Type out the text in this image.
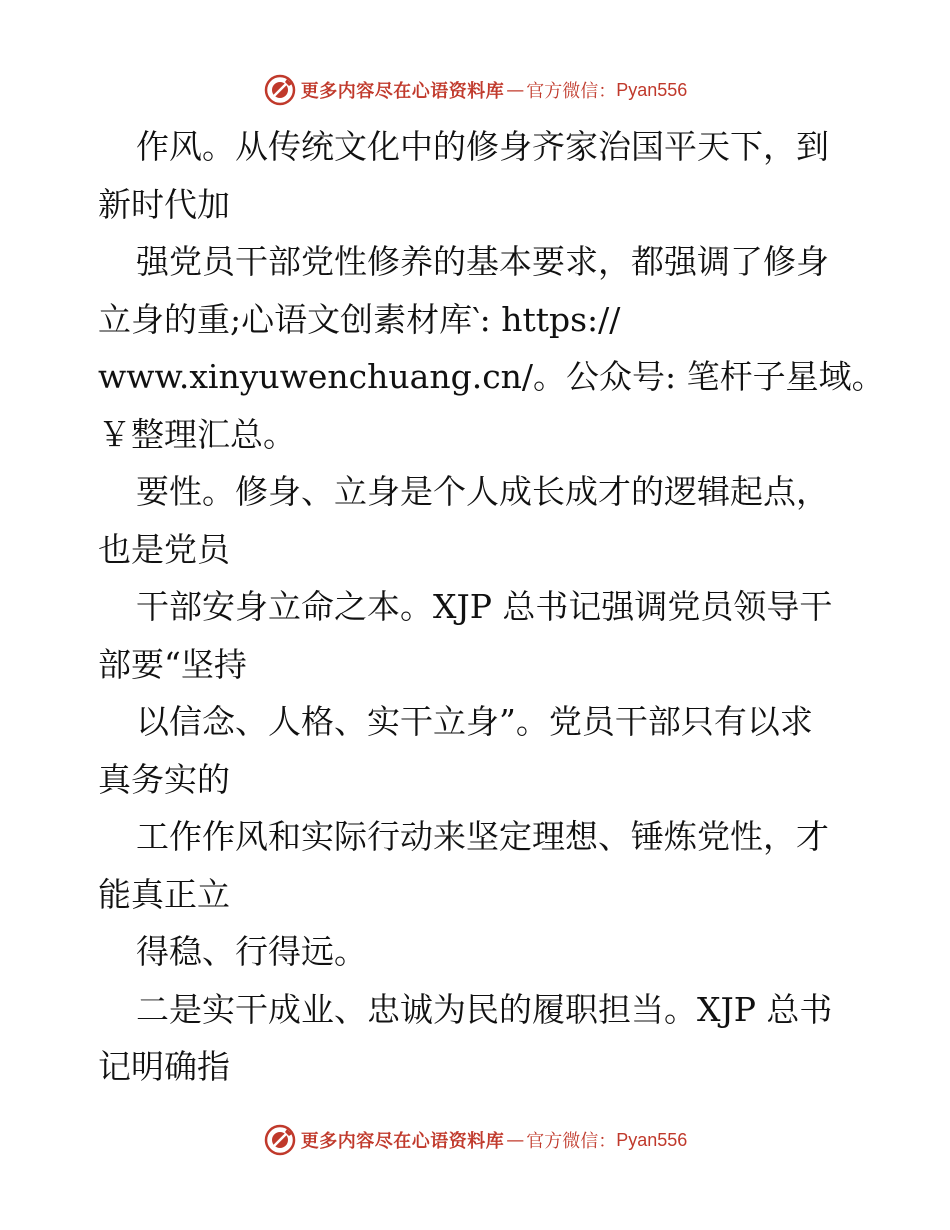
更多内容尽在心语资料库 — 官方微信： Pyan556
作风。从传统文化中的修身齐家治国平天下，到
新时代加
强党员干部党性修养的基本要求，都强调了修身
立身的重;心语文创素材库‵: https://
www.xinyuwenchuang.cn/。公众号: 笔杆子星域。
￥整理汇总。
要性。修身、立身是个人成长成才的逻辑起点，
也是党员
干部安身立命之本。XJP 总书记强调党员领导干
部要“坚持
以信念、人格、实干立身”。党员干部只有以求
真务实的
工作作风和实际行动来坚定理想、锤炼党性，才
能真正立
得稳、行得远。
二是实干成业、忠诚为民的履职担当。XJP 总书
记明确指
更多内容尽在心语资料库 — 官方微信： Pyan556
